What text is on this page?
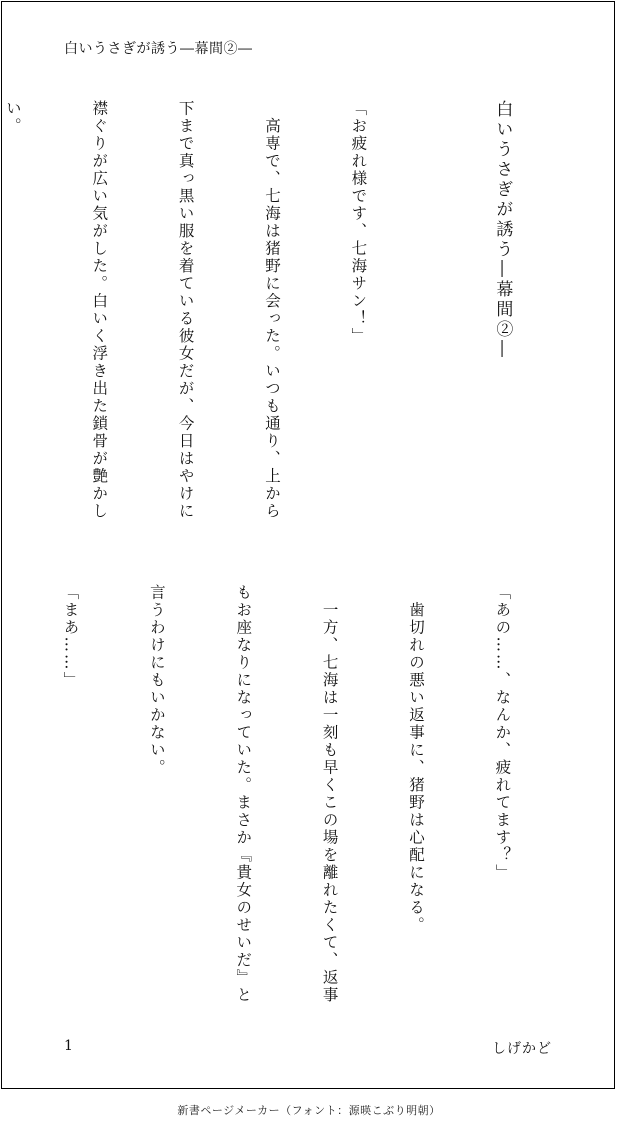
白いうさぎが誘う―幕間②―

白いうさぎが誘う―幕間②―

「お疲れ様です、七海サン！」

　高専で、七海は猪野に会った。いつも通り、上から

下まで真っ黒い服を着ている彼女だが、今日はやけに

襟ぐりが広い気がした。白いく浮き出た鎖骨が艶かし

い。

「あの……、なんか、疲れてます？」

　歯切れの悪い返事に、猪野は心配になる。

　一方、七海は一刻も早くこの場を離れたくて、返事

もお座なりになっていた。まさか『貴女のせいだ』と

言うわけにもいかない。

「まあ……」

1	しげかど
新書ページメーカー（フォント：源暎こぶり明朝）
